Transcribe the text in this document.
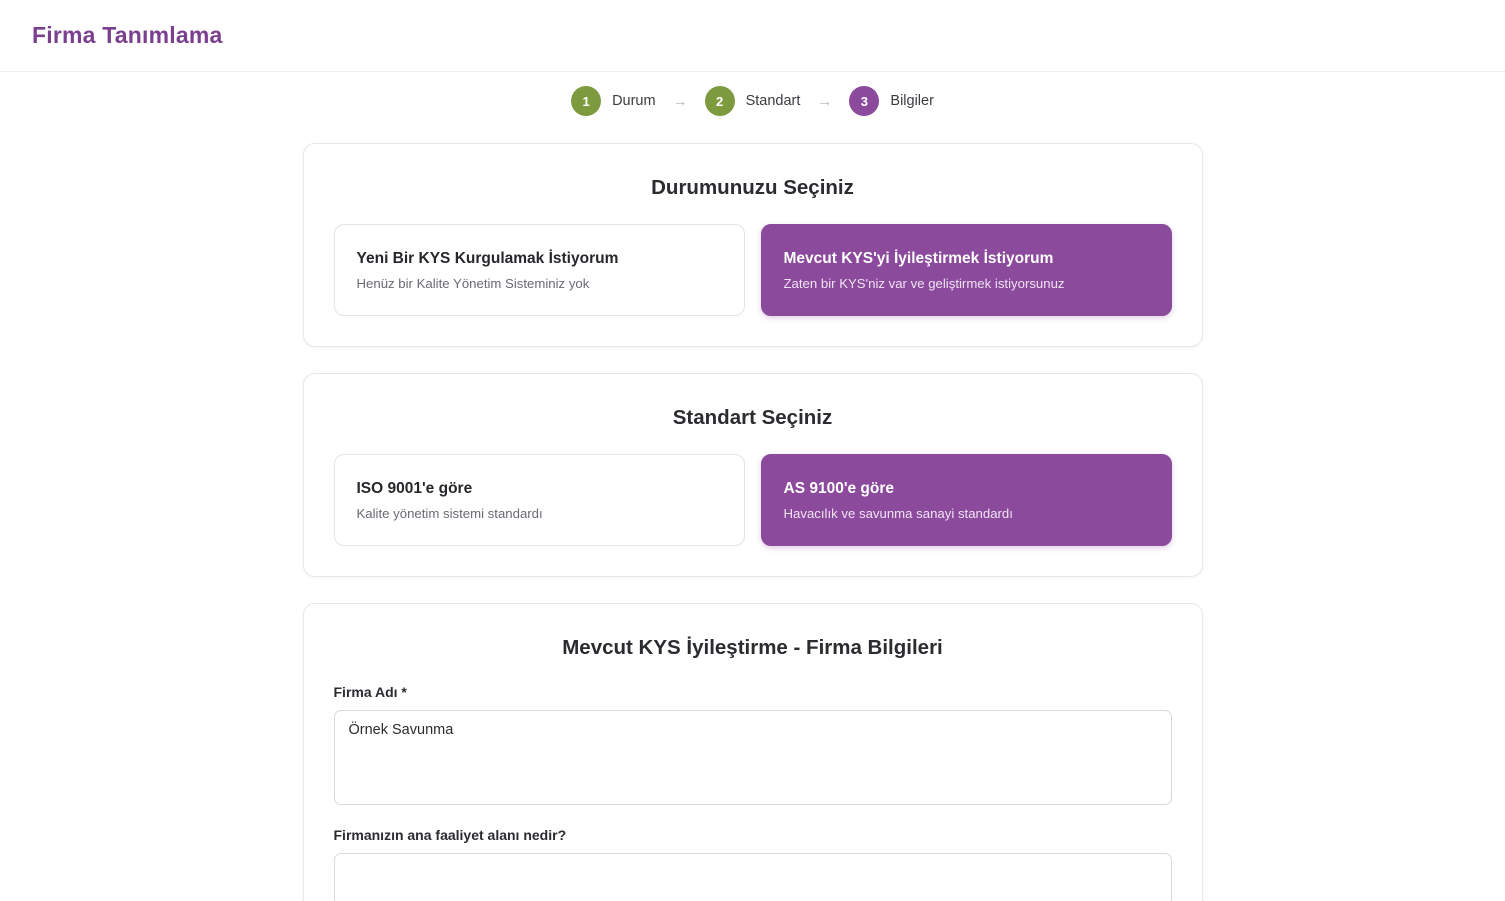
Firma Tanımlama
1	Durum →	2	Standart →	3	Bilgiler
Durumunuzu Seçiniz
Yeni Bir KYS Kurgulamak İstiyorum
Henüz bir Kalite Yönetim Sisteminiz yok
Mevcut KYS'yi İyileştirmek İstiyorum
Zaten bir KYS'niz var ve geliştirmek istiyorsunuz
Standart Seçiniz
ISO 9001'e göre
Kalite yönetim sistemi standardı
AS 9100'e göre
Havacılık ve savunma sanayi standardı
Mevcut KYS İyileştirme - Firma Bilgileri
Firma Adı *
Örnek Savunma
Firmanızın ana faaliyet alanı nedir?
